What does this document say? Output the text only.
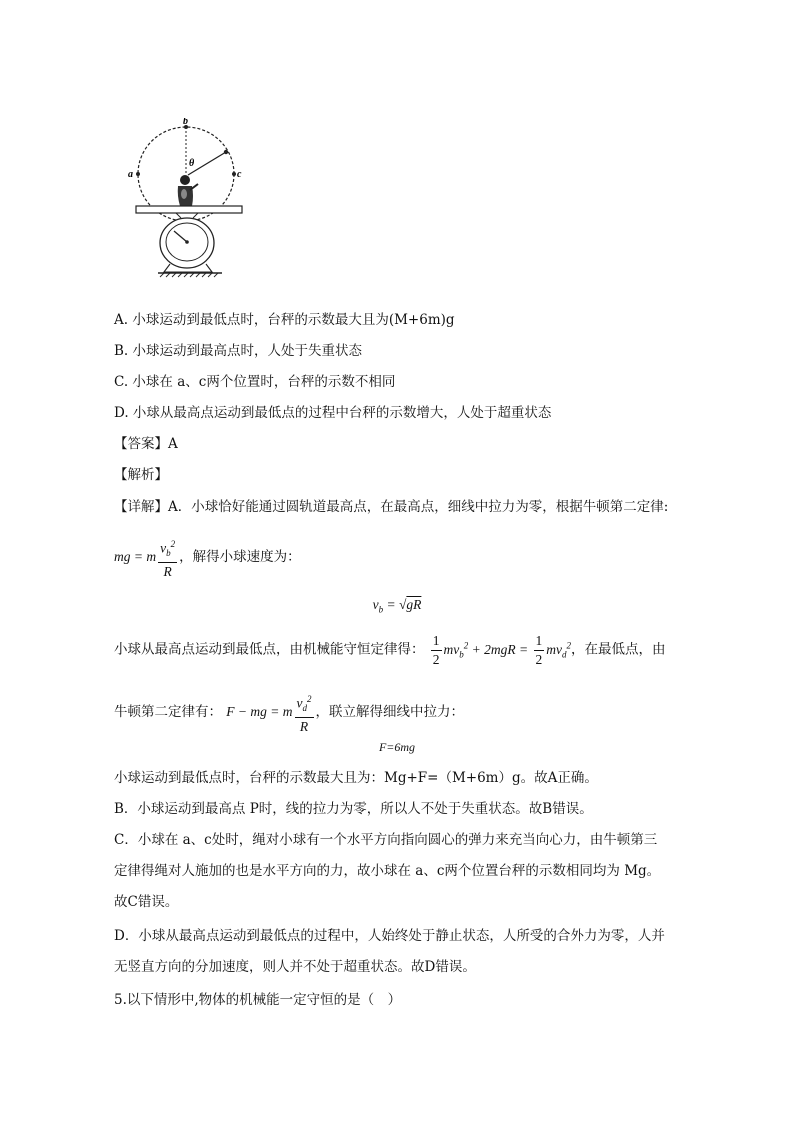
b
a	c
θ
A. 小球运动到最低点时，台秤的示数最大且为(M+6m)g
B. 小球运动到最高点时，人处于失重状态
C. 小球在 a、c两个位置时，台秤的示数不相同
D. 小球从最高点运动到最低点的过程中台秤的示数增大，人处于超重状态
【答案】A
【解析】
【详解】A．小球恰好能通过圆轨道最高点，在最高点，细线中拉力为零，根据牛顿第二定律:
mg = m $\frac{v_b^2}{R}$ ，解得小球速度为：
$v_b = √gR$
小球从最高点运动到最低点，由机械能守恒定律得： $\frac{1}{2} mv_b^2 + 2mgR = \frac{1}{2} mv_d^2$，在最低点，由
牛顿第二定律有： F − mg = m $\frac{v_d^2}{R}$ ，联立解得细线中拉力：
F=6mg
小球运动到最低点时，台秤的示数最大且为：Mg+F=（M+6m）g。故A正确。
B．小球运动到最高点 P时，线的拉力为零，所以人不处于失重状态。故B错误。
C．小球在 a、c处时，绳对小球有一个水平方向指向圆心的弹力来充当向心力，由牛顿第三
定律得绳对人施加的也是水平方向的力，故小球在 a、c两个位置台秤的示数相同均为 Mg。
故C错误。
D．小球从最高点运动到最低点的过程中，人始终处于静止状态，人所受的合外力为零，人并
无竖直方向的分加速度，则人并不处于超重状态。故D错误。
5.以下情形中,物体的机械能一定守恒的是（　）
